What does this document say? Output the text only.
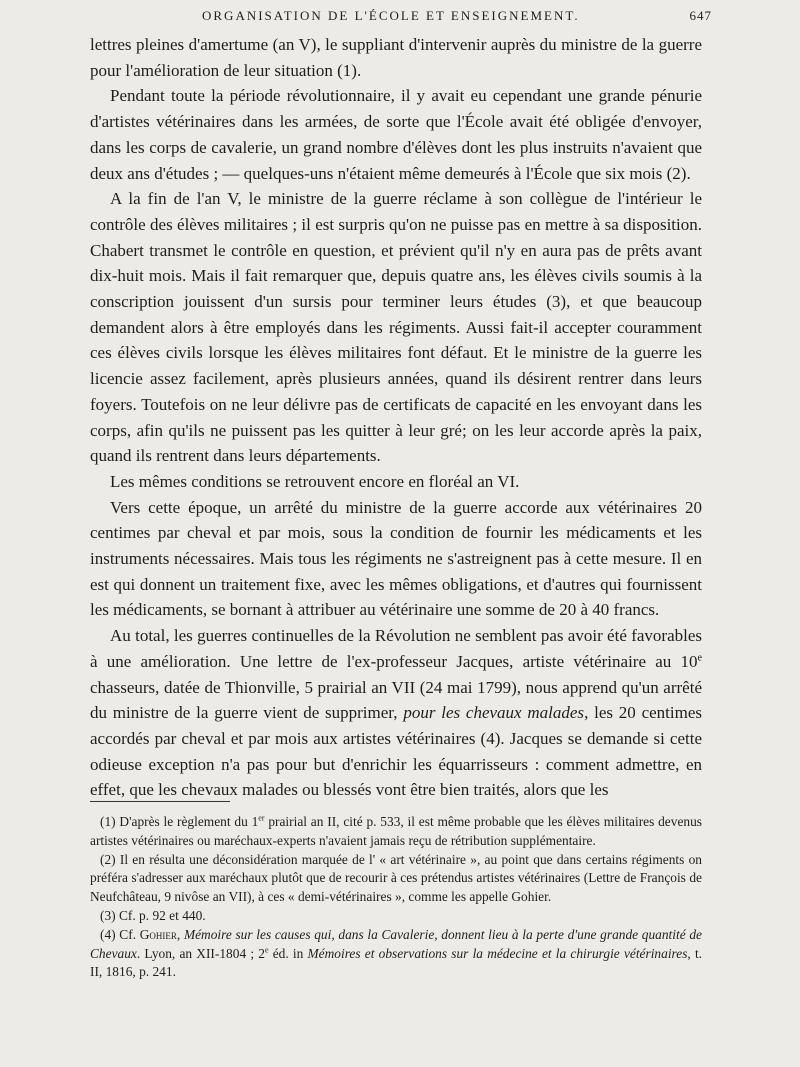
ORGANISATION DE L'ÉCOLE ET ENSEIGNEMENT.	647

lettres pleines d'amertume (an V), le suppliant d'intervenir auprès du ministre de la guerre pour l'amélioration de leur situation (1).

Pendant toute la période révolutionnaire, il y avait eu cependant une grande pénurie d'artistes vétérinaires dans les armées, de sorte que l'École avait été obligée d'envoyer, dans les corps de cavalerie, un grand nombre d'élèves dont les plus instruits n'avaient que deux ans d'études ; — quelques-uns n'étaient même demeurés à l'École que six mois (2).

A la fin de l'an V, le ministre de la guerre réclame à son collègue de l'intérieur le contrôle des élèves militaires ; il est surpris qu'on ne puisse pas en mettre à sa disposition. Chabert transmet le contrôle en question, et prévient qu'il n'y en aura pas de prêts avant dix-huit mois. Mais il fait remarquer que, depuis quatre ans, les élèves civils soumis à la conscription jouissent d'un sursis pour terminer leurs études (3), et que beaucoup demandent alors à être employés dans les régiments. Aussi fait-il accepter couramment ces élèves civils lorsque les élèves militaires font défaut. Et le ministre de la guerre les licencie assez facilement, après plusieurs années, quand ils désirent rentrer dans leurs foyers. Toutefois on ne leur délivre pas de certificats de capacité en les envoyant dans les corps, afin qu'ils ne puissent pas les quitter à leur gré; on les leur accorde après la paix, quand ils rentrent dans leurs départements.

Les mêmes conditions se retrouvent encore en floréal an VI.

Vers cette époque, un arrêté du ministre de la guerre accorde aux vétérinaires 20 centimes par cheval et par mois, sous la condition de fournir les médicaments et les instruments nécessaires. Mais tous les régiments ne s'astreignent pas à cette mesure. Il en est qui donnent un traitement fixe, avec les mêmes obligations, et d'autres qui fournissent les médicaments, se bornant à attribuer au vétérinaire une somme de 20 à 40 francs.

Au total, les guerres continuelles de la Révolution ne semblent pas avoir été favorables à une amélioration. Une lettre de l'ex-professeur Jacques, artiste vétérinaire au 10e chasseurs, datée de Thionville, 5 prairial an VII (24 mai 1799), nous apprend qu'un arrêté du ministre de la guerre vient de supprimer, pour les chevaux malades, les 20 centimes accordés par cheval et par mois aux artistes vétérinaires (4). Jacques se demande si cette odieuse exception n'a pas pour but d'enrichir les équarrisseurs : comment admettre, en effet, que les chevaux malades ou blessés vont être bien traités, alors que les

(1) D'après le règlement du 1er prairial an II, cité p. 533, il est même probable que les élèves militaires devenus artistes vétérinaires ou maréchaux-experts n'avaient jamais reçu de rétribution supplémentaire.

(2) Il en résulta une déconsidération marquée de l' « art vétérinaire », au point que dans certains régiments on préféra s'adresser aux maréchaux plutôt que de recourir à ces prétendus artistes vétérinaires (Lettre de François de Neufchâteau, 9 nivôse an VII), à ces « demi-vétérinaires », comme les appelle Gohier.

(3) Cf. p. 92 et 440.

(4) Cf. Gohier, Mémoire sur les causes qui, dans la Cavalerie, donnent lieu à la perte d'une grande quantité de Chevaux. Lyon, an XII-1804 ; 2e éd. in Mémoires et observations sur la médecine et la chirurgie vétérinaires, t. II, 1816, p. 241.
